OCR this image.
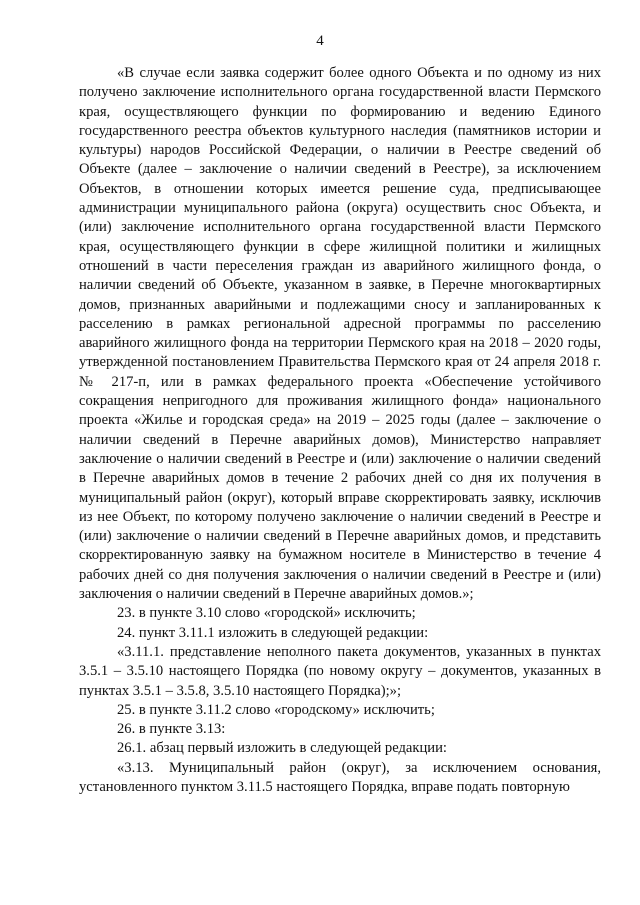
4

«В случае если заявка содержит более одного Объекта и по одному из них получено заключение исполнительного органа государственной власти Пермского края, осуществляющего функции по формированию и ведению Единого государственного реестра объектов культурного наследия (памятников истории и культуры) народов Российской Федерации, о наличии в Реестре сведений об Объекте (далее – заключение о наличии сведений в Реестре), за исключением Объектов, в отношении которых имеется решение суда, предписывающее администрации муниципального района (округа) осуществить снос Объекта, и (или) заключение исполнительного органа государственной власти Пермского края, осуществляющего функции в сфере жилищной политики и жилищных отношений в части переселения граждан из аварийного жилищного фонда, о наличии сведений об Объекте, указанном в заявке, в Перечне многоквартирных домов, признанных аварийными и подлежащими сносу и запланированных к расселению в рамках региональной адресной программы по расселению аварийного жилищного фонда на территории Пермского края на 2018 – 2020 годы, утвержденной постановлением Правительства Пермского края от 24 апреля 2018 г. № 217-п, или в рамках федерального проекта «Обеспечение устойчивого сокращения непригодного для проживания жилищного фонда» национального проекта «Жилье и городская среда» на 2019 – 2025 годы (далее – заключение о наличии сведений в Перечне аварийных домов), Министерство направляет заключение о наличии сведений в Реестре и (или) заключение о наличии сведений в Перечне аварийных домов в течение 2 рабочих дней со дня их получения в муниципальный район (округ), который вправе скорректировать заявку, исключив из нее Объект, по которому получено заключение о наличии сведений в Реестре и (или) заключение о наличии сведений в Перечне аварийных домов, и представить скорректированную заявку на бумажном носителе в Министерство в течение 4 рабочих дней со дня получения заключения о наличии сведений в Реестре и (или) заключения о наличии сведений в Перечне аварийных домов.»;

23. в пункте 3.10 слово «городской» исключить;

24. пункт 3.11.1 изложить в следующей редакции:

«3.11.1. представление неполного пакета документов, указанных в пунктах 3.5.1 – 3.5.10 настоящего Порядка (по новому округу – документов, указанных в пунктах 3.5.1 – 3.5.8, 3.5.10 настоящего Порядка);»;

25. в пункте 3.11.2 слово «городскому» исключить;

26. в пункте 3.13:

26.1. абзац первый изложить в следующей редакции:

«3.13. Муниципальный район (округ), за исключением основания, установленного пунктом 3.11.5 настоящего Порядка, вправе подать повторную
